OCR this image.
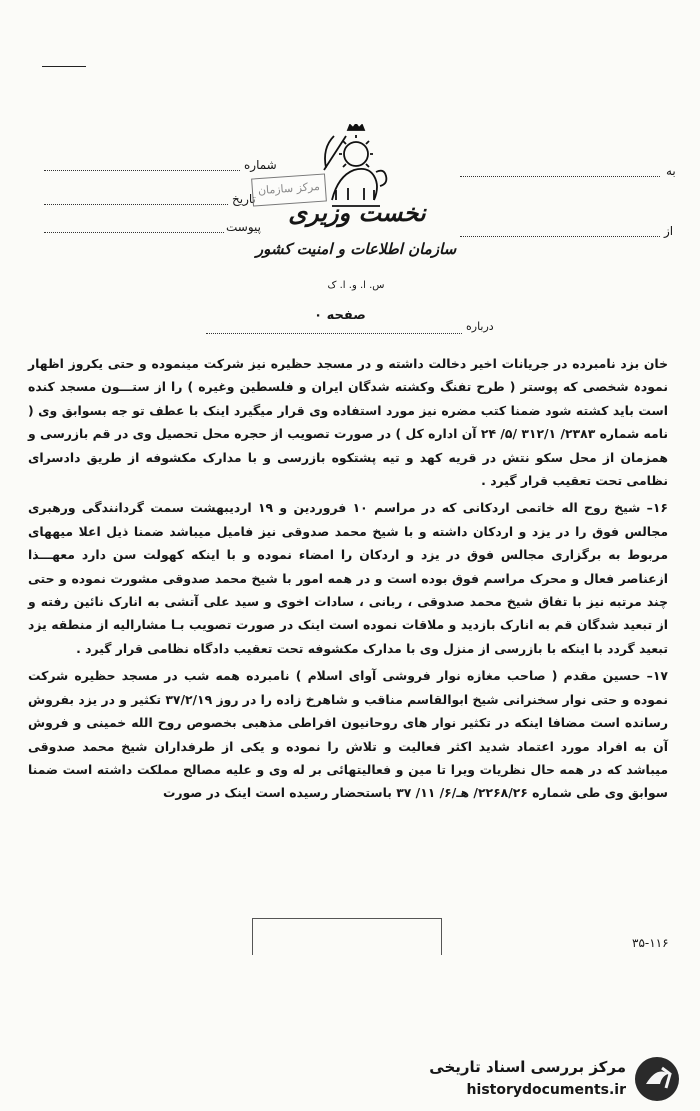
شماره
تاریخ
پیوست
به
از
مرکز سازمان
نخست وزیری
سازمان اطلاعات و امنیت کشور
س. ا. و. ا. ک
صفحه ۰
درباره

خان بزد نامبرده در جریانات اخیر دخالت داشته و در مسجد حظیره نیز شرکت مینموده و حتی یکروز اظهار نمودہ شخصی که پوستر ( طرح تفنگ وکشته شدگان ایران و فلسطین وغیره ) را از ستـــون مسجد کنده است باید کشته شود ضمنا کتب مضره نیز مورد استفاده وی قرار میگیرد اینک با عطف تو جه بسوابق وی ( نامه شماره ۲۳۸۳/ ۳۱۲/۱ /۵/ ۲۴ آن اداره کل ) در صورت تصویب از حجره محل تحصیل وی در قم بازرسی و همزمان از محل سکو نتش در قریه کهد و تیه پشتکوه بازرسی و با مدارک مکشوفه از طریق دادسرای نظامی تحت تعقیب قرار گیرد .

۱۶– شیخ روح اله خاتمی اردکانی که در مراسم ۱۰ فروردین و ۱۹ اردیبهشت سمت گردانندگی ورهبری مجالس فوق را در یزد و اردکان داشته و با شیخ محمد صدوقی نیز فامیل میباشد ضمنا ذیل اعلا میههای مربوط به برگزاری مجالس فوق در یزد و اردکان را امضاء نموده و با اینکه کهولت سن دارد معهـــذا ازعناصر فعال و محرک مراسم فوق بوده است و در همه امور با شیخ محمد صدوقی مشورت نموده و حتی چند مرتبه نیز با تفاق شیخ محمد صدوقی ، ربانی ، سادات اخوی و سید علی آتشی به انارک نائین رفته و از تبعید شدگان قم به انارک بازدید و ملاقات نموده است اینک در صورت تصویب بـا مشارالیه از منطقه یزد تبعید گردد با اینکه با بازرسی از منزل وی با مدارک مکشوفه تحت تعقیب دادگاه نظامی قرار گیرد .

۱۷– حسین مقدم ( صاحب مغازه نوار فروشی آوای اسلام ) نامبرده همه شب در مسجد حظیره شرکت نموده و حتی نوار سخنرانی شیخ ابوالقاسم مناقب و شاهرخ زاده را در روز ۳۷/۲/۱۹ تکثیر و در یزد بفروش رسانده است مضافا اینکه در تکثیر نوار های روحانیون افراطی مذهبی بخصوص روح الله خمینی و فروش آن به افراد مورد اعتماد شدید اکثر فعالیت و تلاش را نموده و یکی از طرفداران شیخ محمد صدوقی میباشد که در همه حال نظریات ویرا تا مین و فعالیتهائی بر له وی و علیه مصالح مملکت داشته است ضمنا سوابق وی طی شماره ۲۲۶۸/۲۶/ هـ/۶/ ۱۱/ ۳۷ باستحضار رسیده است اینک در صورت

۳۵-۱۱۶
مرکز بررسی اسناد تاریخی
historydocuments.ir
